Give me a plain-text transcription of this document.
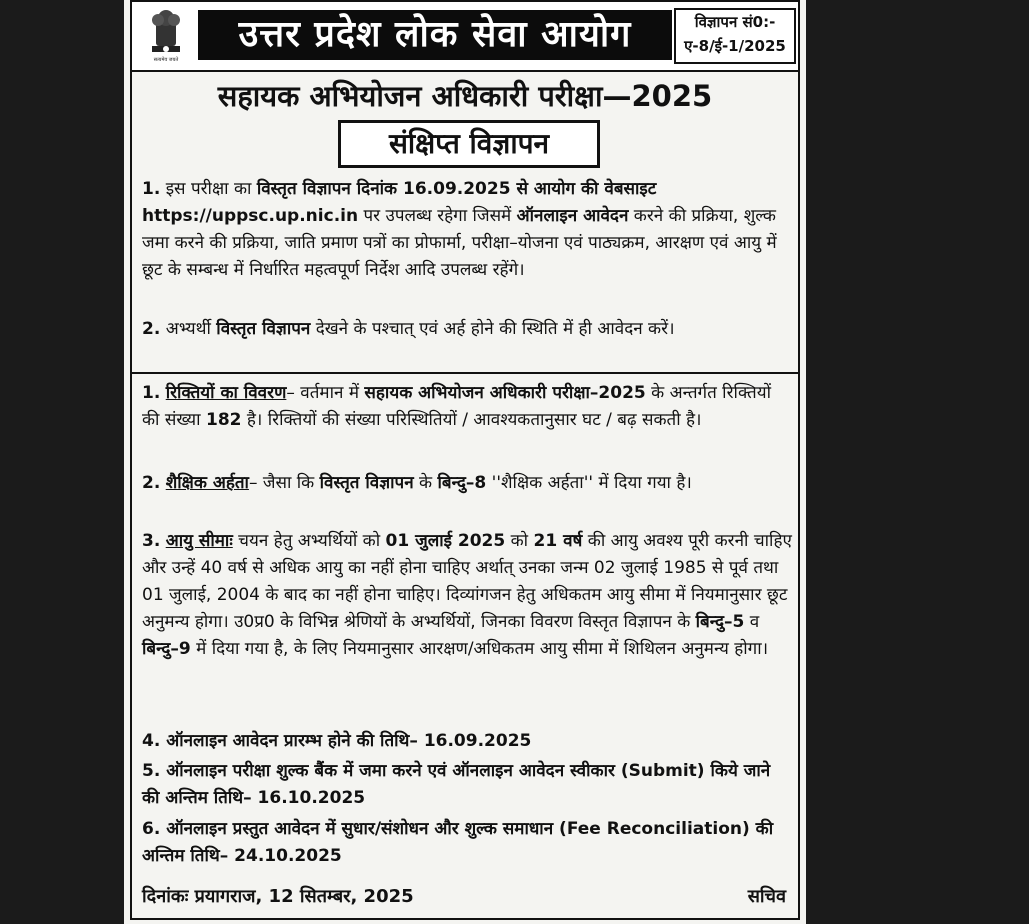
सत्यमेव जयते
उत्तर प्रदेश लोक सेवा आयोग	विज्ञापन सं0:-
ए-8/ई-1/2025
सहायक अभियोजन अधिकारी परीक्षा—2025
संक्षिप्त विज्ञापन
1. इस परीक्षा का विस्तृत विज्ञापन दिनांक 16.09.2025 से आयोग की वेबसाइट https://uppsc.up.nic.in पर उपलब्ध रहेगा जिसमें ऑनलाइन आवेदन करने की प्रक्रिया, शुल्क जमा करने की प्रक्रिया, जाति प्रमाण पत्रों का प्रोफार्मा, परीक्षा–योजना एवं पाठ्यक्रम, आरक्षण एवं आयु में छूट के सम्बन्ध में निर्धारित महत्वपूर्ण निर्देश आदि उपलब्ध रहेंगे।
2. अभ्यर्थी विस्तृत विज्ञापन देखने के पश्चात् एवं अर्ह होने की स्थिति में ही आवेदन करें।
1. रिक्तियों का विवरण– वर्तमान में सहायक अभियोजन अधिकारी परीक्षा–2025 के अन्तर्गत रिक्तियों की संख्या 182 है। रिक्तियों की संख्या परिस्थितियों / आवश्यकतानुसार घट / बढ़ सकती है।
2. शैक्षिक अर्हता– जैसा कि विस्तृत विज्ञापन के बिन्दु–8 ''शैक्षिक अर्हता'' में दिया गया है।
3. आयु सीमाः चयन हेतु अभ्यर्थियों को 01 जुलाई 2025 को 21 वर्ष की आयु अवश्य पूरी करनी चाहिए और उन्हें 40 वर्ष से अधिक आयु का नहीं होना चाहिए अर्थात् उनका जन्म 02 जुलाई 1985 से पूर्व तथा 01 जुलाई, 2004 के बाद का नहीं होना चाहिए। दिव्यांगजन हेतु अधिकतम आयु सीमा में नियमानुसार छूट अनुमन्य होगा। उ0प्र0 के विभिन्न श्रेणियों के अभ्यर्थियों, जिनका विवरण विस्तृत विज्ञापन के बिन्दु–5 व बिन्दु–9 में दिया गया है, के लिए नियमानुसार आरक्षण/अधिकतम आयु सीमा में शिथिलन अनुमन्य होगा।
4. ऑनलाइन आवेदन प्रारम्भ होने की तिथि– 16.09.2025
5. ऑनलाइन परीक्षा शुल्क बैंक में जमा करने एवं ऑनलाइन आवेदन स्वीकार (Submit) किये जाने की अन्तिम तिथि– 16.10.2025
6. ऑनलाइन प्रस्तुत आवेदन में सुधार/संशोधन और शुल्क समाधान (Fee Reconciliation) की अन्तिम तिथि– 24.10.2025
दिनांकः प्रयागराज, 12 सितम्बर, 2025	सचिव
